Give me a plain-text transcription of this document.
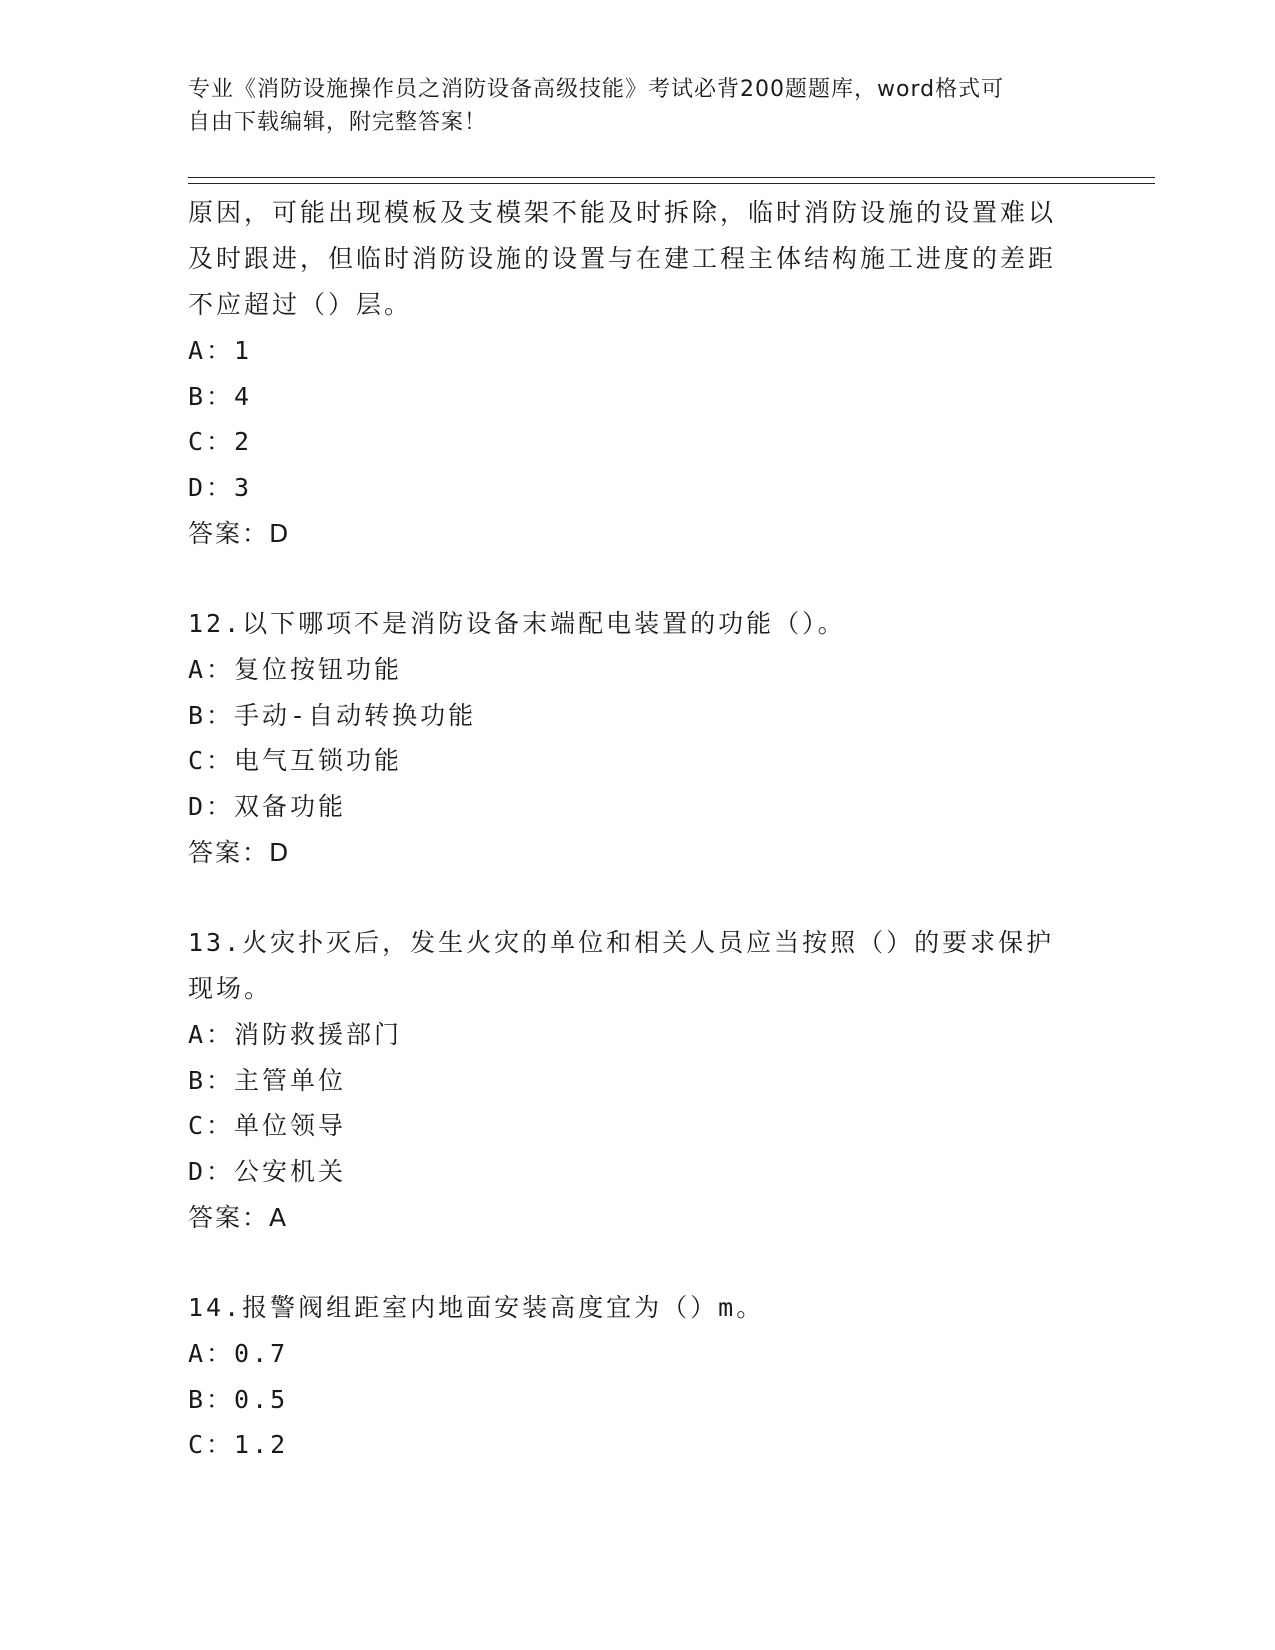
专业《消防设施操作员之消防设备高级技能》考试必背200题题库，word格式可
自由下载编辑，附完整答案！

原因，可能出现模板及支模架不能及时拆除，临时消防设施的设置难以及时跟进，但临时消防设施的设置与在建工程主体结构施工进度的差距不应超过（）层。

A：1
B：4
C：2
D：3
答案：D

12.以下哪项不是消防设备末端配电装置的功能（）。

A：复位按钮功能
B：手动-自动转换功能
C：电气互锁功能
D：双备功能
答案：D

13.火灾扑灭后，发生火灾的单位和相关人员应当按照（）的要求保护现场。

A：消防救援部门
B：主管单位
C：单位领导
D：公安机关
答案：A

14.报警阀组距室内地面安装高度宜为（）m。

A：0.7
B：0.5
C：1.2
